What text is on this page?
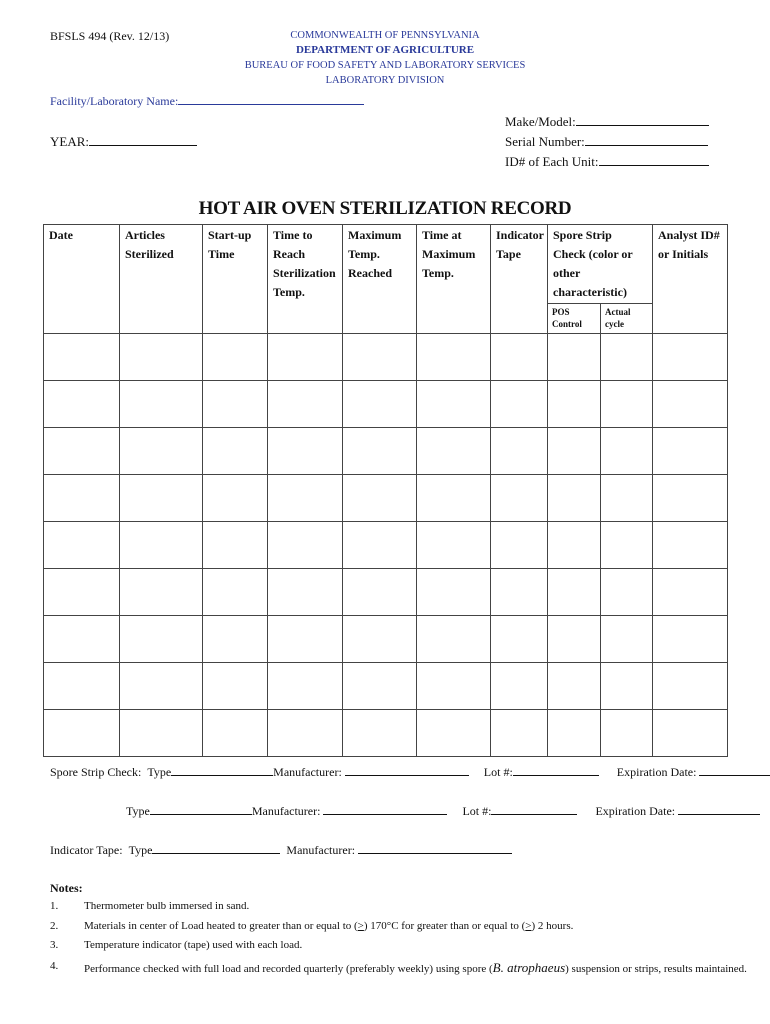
BFSLS 494 (Rev. 12/13)	COMMONWEALTH OF PENNSYLVANIA
DEPARTMENT OF AGRICULTURE
BUREAU OF FOOD SAFETY AND LABORATORY SERVICES
LABORATORY DIVISION
Facility/Laboratory Name:
YEAR:
Make/Model:
Serial Number:
ID# of Each Unit:
HOT AIR OVEN STERILIZATION RECORD
Date	Articles Sterilized	Start-up Time	Time to Reach Sterilization Temp.	Maximum Temp. Reached	Time at Maximum Temp.	Indicator Tape	Spore Strip Check (color or other characteristic)		Analyst ID# or Initials
							POS Control	Actual cycle	

Spore Strip Check: Type	Manufacturer:	Lot #:	Expiration Date:
Type	Manufacturer:	Lot #:	Expiration Date:
Indicator Tape: Type	Manufacturer:
Notes:
1. Thermometer bulb immersed in sand.
2. Materials in center of Load heated to greater than or equal to (>) 170°C for greater than or equal to (>) 2 hours.
3. Temperature indicator (tape) used with each load.
4. Performance checked with full load and recorded quarterly (preferably weekly) using spore (B. atrophaeus) suspension or strips, results maintained.
